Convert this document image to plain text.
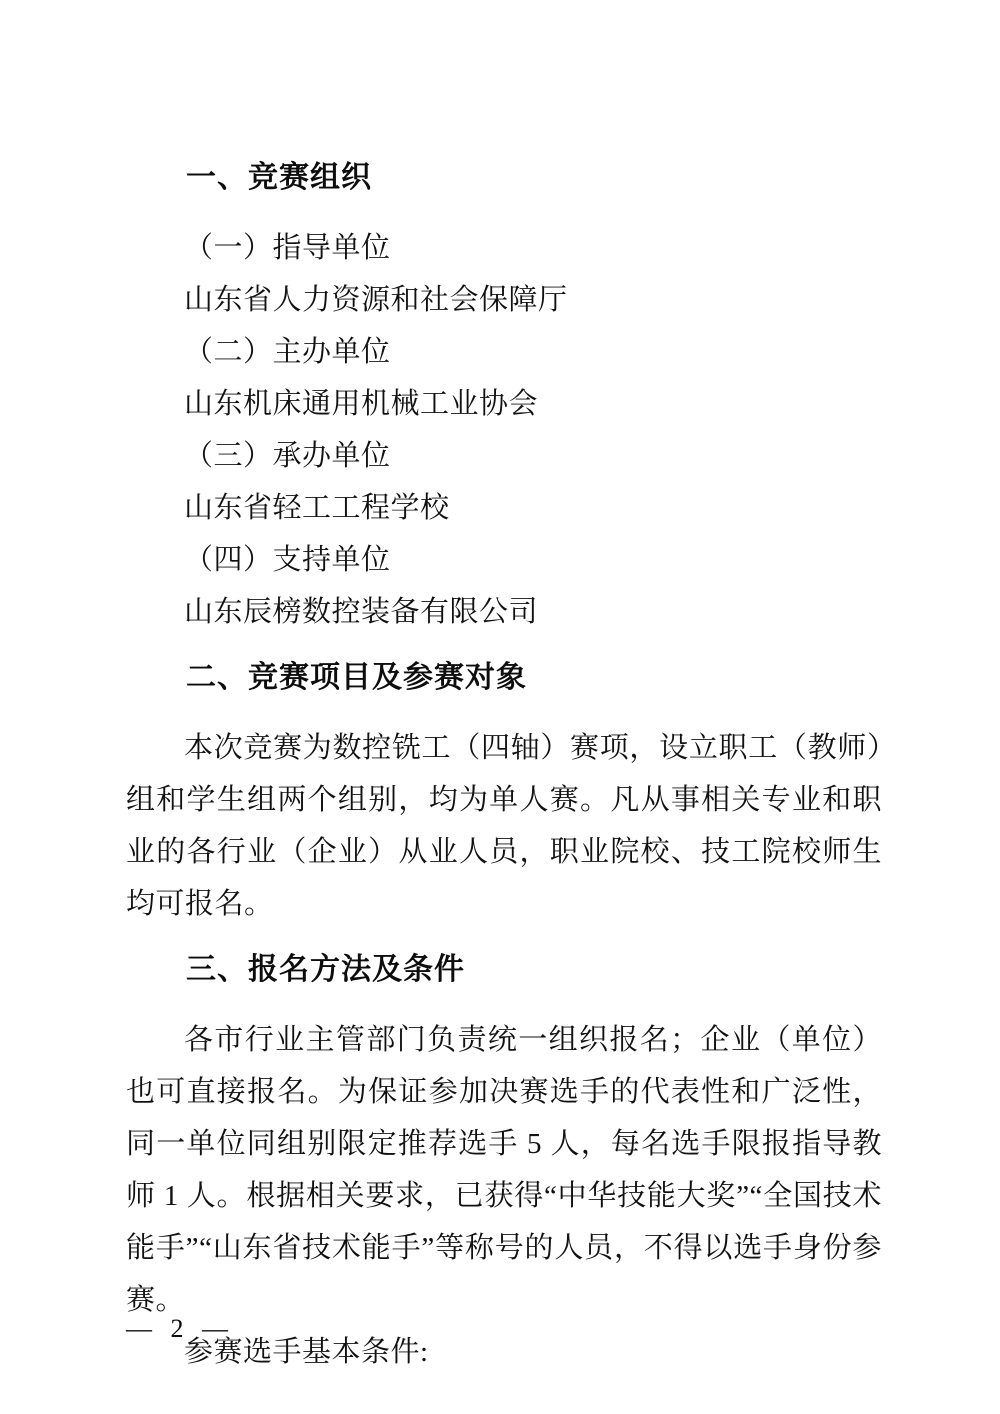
一、竞赛组织
（一）指导单位
山东省人力资源和社会保障厅
（二）主办单位
山东机床通用机械工业协会
（三）承办单位
山东省轻工工程学校
（四）支持单位
山东辰榜数控装备有限公司
二、竞赛项目及参赛对象
本次竞赛为数控铣工（四轴）赛项，设立职工（教师）组和学生组两个组别，均为单人赛。凡从事相关专业和职业的各行业（企业）从业人员，职业院校、技工院校师生均可报名。
三、报名方法及条件
各市行业主管部门负责统一组织报名；企业（单位）也可直接报名。为保证参加决赛选手的代表性和广泛性，同一单位同组别限定推荐选手 5 人，每名选手限报指导教师 1 人。根据相关要求，已获得“中华技能大奖”“全国技术能手”“山东省技术能手”等称号的人员，不得以选手身份参赛。
参赛选手基本条件:
— 2 —
